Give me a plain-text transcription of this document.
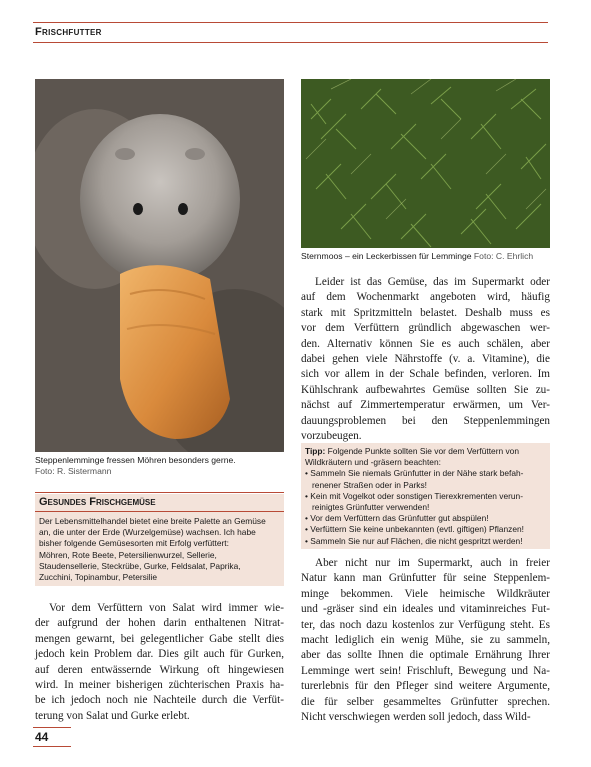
Frischfutter
Steppenlemminge fressen Möhren besonders gerne.
Foto: R. Sistermann
Sternmoos – ein Leckerbissen für Lemminge Foto: C. Ehrlich

Leider ist das Gemüse, das im Supermarkt oder
auf dem Wochenmarkt angeboten wird, häufig
stark mit Spritzmitteln belastet. Deshalb muss es
vor dem Verfüttern gründlich abgewaschen wer-
den. Alternativ können Sie es auch schälen, aber
dabei gehen viele Nährstoffe (v. a. Vitamine), die
sich vor allem in der Schale befinden, verloren. Im
Kühlschrank aufbewahrtes Gemüse sollten Sie zu-
nächst auf Zimmertemperatur erwärmen, um Ver-
dauungsproblemen bei den Steppenlemmingen
vorzubeugen.

Tipp: Folgende Punkte sollten Sie vor dem Verfüttern von
Wildkräutern und -gräsern beachten:
• Sammeln Sie niemals Grünfutter in der Nähe stark befah-
renener Straßen oder in Parks!
• Kein mit Vogelkot oder sonstigen Tierexkrementen verun-
reinigtes Grünfutter verwenden!
• Vor dem Verfüttern das Grünfutter gut abspülen!
• Verfüttern Sie keine unbekannten (evtl. giftigen) Pflanzen!
• Sammeln Sie nur auf Flächen, die nicht gespritzt werden!
Gesundes Frischgemüse
Der Lebensmittelhandel bietet eine breite Palette an Gemüse
an, die unter der Erde (Wurzelgemüse) wachsen. Ich habe
bisher folgende Gemüsesorten mit Erfolg verfüttert:
Möhren, Rote Beete, Petersilienwurzel, Sellerie,
Staudensellerie, Steckrübe, Gurke, Feldsalat, Paprika,
Zucchini, Topinambur, Petersilie

Vor dem Verfüttern von Salat wird immer wie-
der aufgrund der hohen darin enthaltenen Nitrat-
mengen gewarnt, bei gelegentlicher Gabe stellt dies
jedoch kein Problem dar. Dies gilt auch für Gurken,
auf deren entwässernde Wirkung oft hingewiesen
wird. In meiner bisherigen züchterischen Praxis ha-
be ich jedoch noch nie Nachteile durch die Verfüt-
terung von Salat und Gurke erlebt.

Aber nicht nur im Supermarkt, auch in freier
Natur kann man Grünfutter für seine Steppenlem-
minge bekommen. Viele heimische Wildkräuter
und -gräser sind ein ideales und vitaminreiches Fut-
ter, das noch dazu kostenlos zur Verfügung steht. Es
macht lediglich ein wenig Mühe, sie zu sammeln,
aber das sollte Ihnen die optimale Ernährung Ihrer
Lemminge wert sein! Frischluft, Bewegung und Na-
turerlebnis für den Pfleger sind weitere Argumente,
die für selber gesammeltes Grünfutter sprechen.
Nicht verschwiegen werden soll jedoch, dass Wild-

44
